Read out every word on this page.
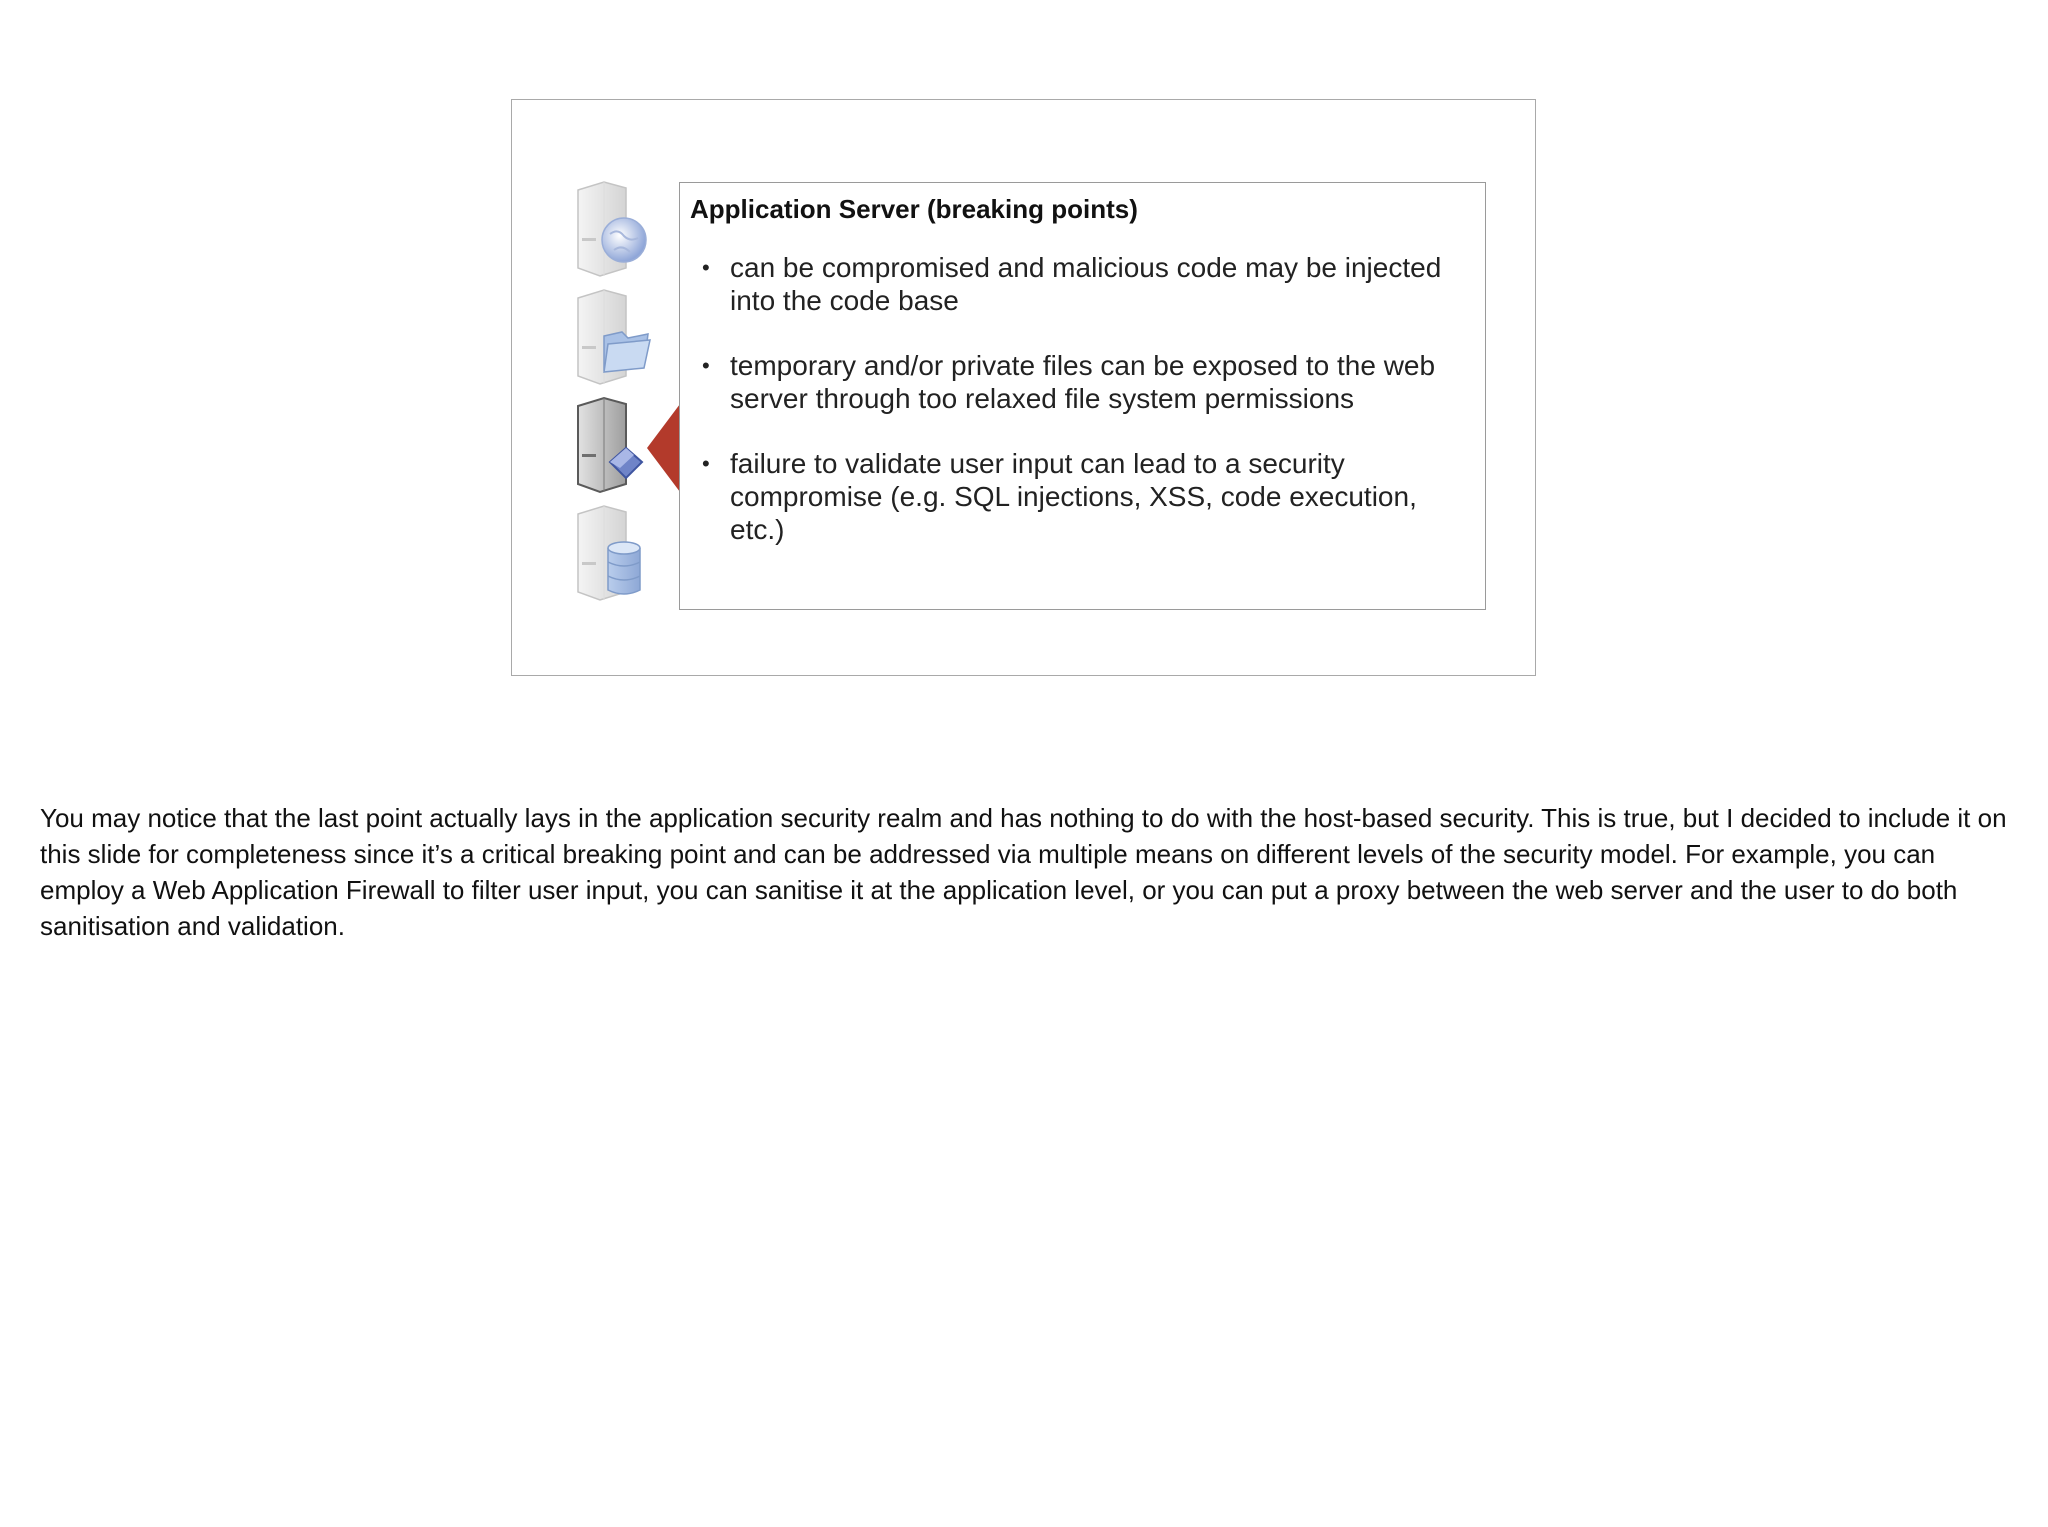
Application Server (breaking points)
• can be compromised and malicious code may be injected into the code base
• temporary and/or private files can be exposed to the web server through too relaxed file system permissions
• failure to validate user input can lead to a security compromise (e.g. SQL injections, XSS, code execution, etc.)

You may notice that the last point actually lays in the application security realm and has nothing to do with the host-based security. This is true, but I decided to include it on this slide for completeness since it’s a critical breaking point and can be addressed via multiple means on different levels of the security model. For example, you can employ a Web Application Firewall to filter user input, you can sanitise it at the application level, or you can put a proxy between the web server and the user to do both sanitisation and validation.
